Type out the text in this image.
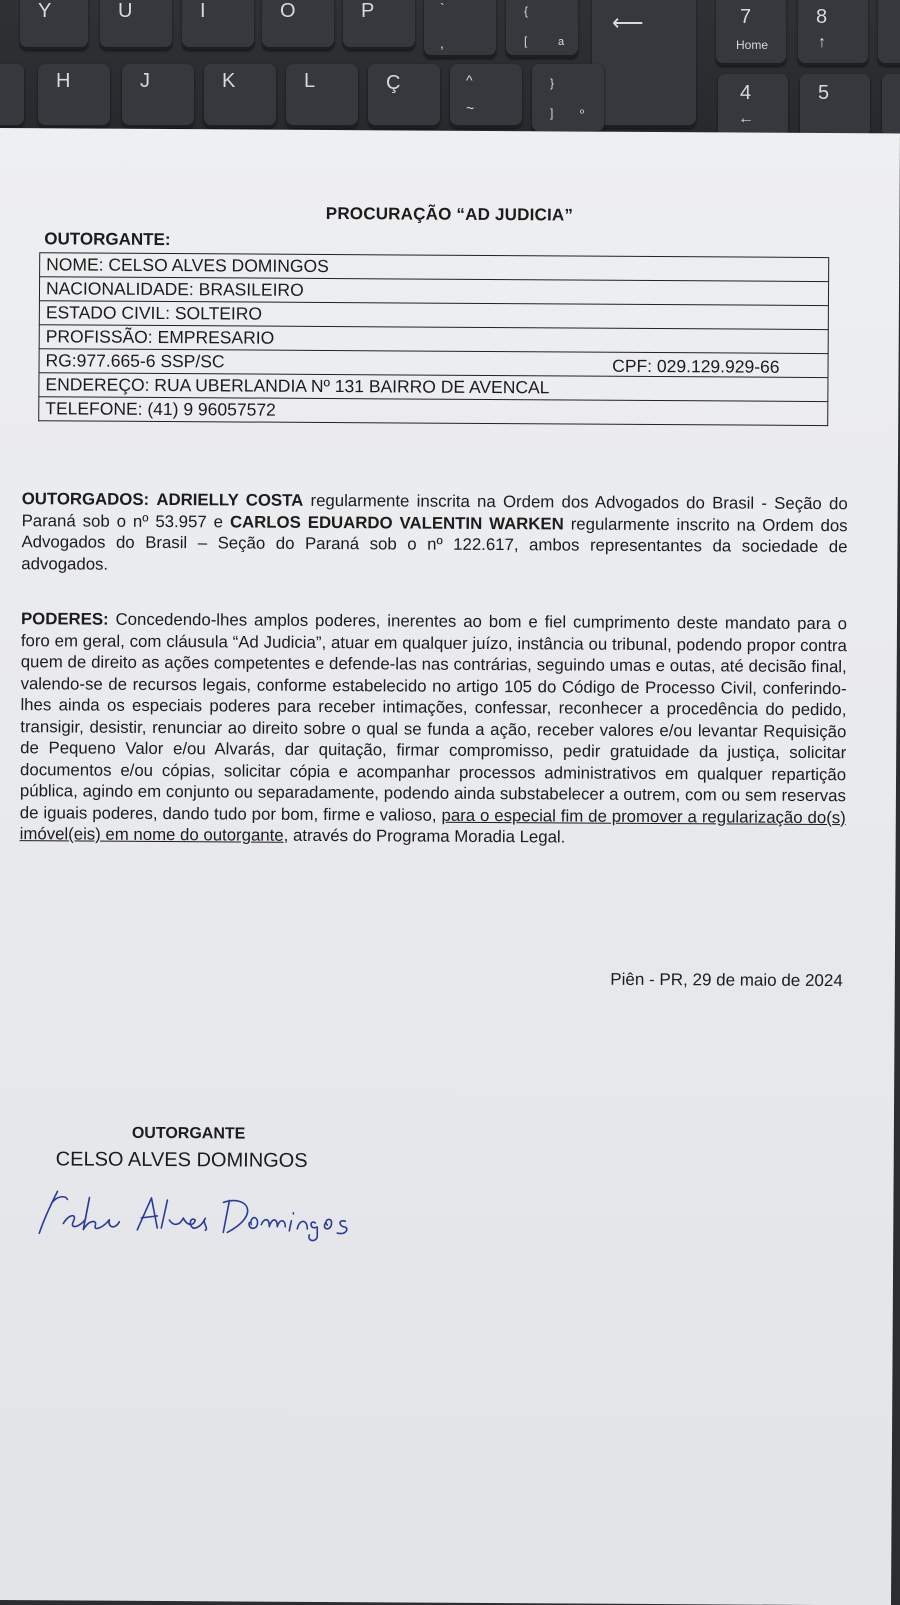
Y	U	I	O	P	`
,
{
[	a
⟵	7
Home
8
↑
H	J	K	L	Ç	^
~
}
] º
4
←
5
PROCURAÇÃO “AD JUDICIA”
OUTORGANTE:
NOME: CELSO ALVES DOMINGOS
NACIONALIDADE: BRASILEIRO
ESTADO CIVIL: SOLTEIRO
PROFISSÃO: EMPRESARIO
RG:977.665-6 SSP/SC	CPF: 029.129.929-66
ENDEREÇO: RUA UBERLANDIA Nº 131 BAIRRO DE AVENCAL
TELEFONE: (41) 9 96057572
OUTORGADOS: ADRIELLY COSTA regularmente inscrita na Ordem dos Advogados do Brasil - Seção do Paraná sob o nº 53.957 e CARLOS EDUARDO VALENTIN WARKEN regularmente inscrito na Ordem dos Advogados do Brasil – Seção do Paraná sob o nº 122.617, ambos representantes da sociedade de advogados.
PODERES: Concedendo-lhes amplos poderes, inerentes ao bom e fiel cumprimento deste mandato para o foro em geral, com cláusula “Ad Judicia”, atuar em qualquer juízo, instância ou tribunal, podendo propor contra quem de direito as ações competentes e defende-las nas contrárias, seguindo umas e outas, até decisão final, valendo-se de recursos legais, conforme estabelecido no artigo 105 do Código de Processo Civil, conferindo-lhes ainda os especiais poderes para receber intimações, confessar, reconhecer a procedência do pedido, transigir, desistir, renunciar ao direito sobre o qual se funda a ação, receber valores e/ou levantar Requisição de Pequeno Valor e/ou Alvarás, dar quitação, firmar compromisso, pedir gratuidade da justiça, solicitar documentos e/ou cópias, solicitar cópia e acompanhar processos administrativos em qualquer repartição pública, agindo em conjunto ou separadamente, podendo ainda substabelecer a outrem, com ou sem reservas de iguais poderes, dando tudo por bom, firme e valioso, para o especial fim de promover a regularização do(s) imóvel(eis) em nome do outorgante, através do Programa Moradia Legal.
Piên - PR, 29 de maio de 2024
OUTORGANTE
CELSO ALVES DOMINGOS
